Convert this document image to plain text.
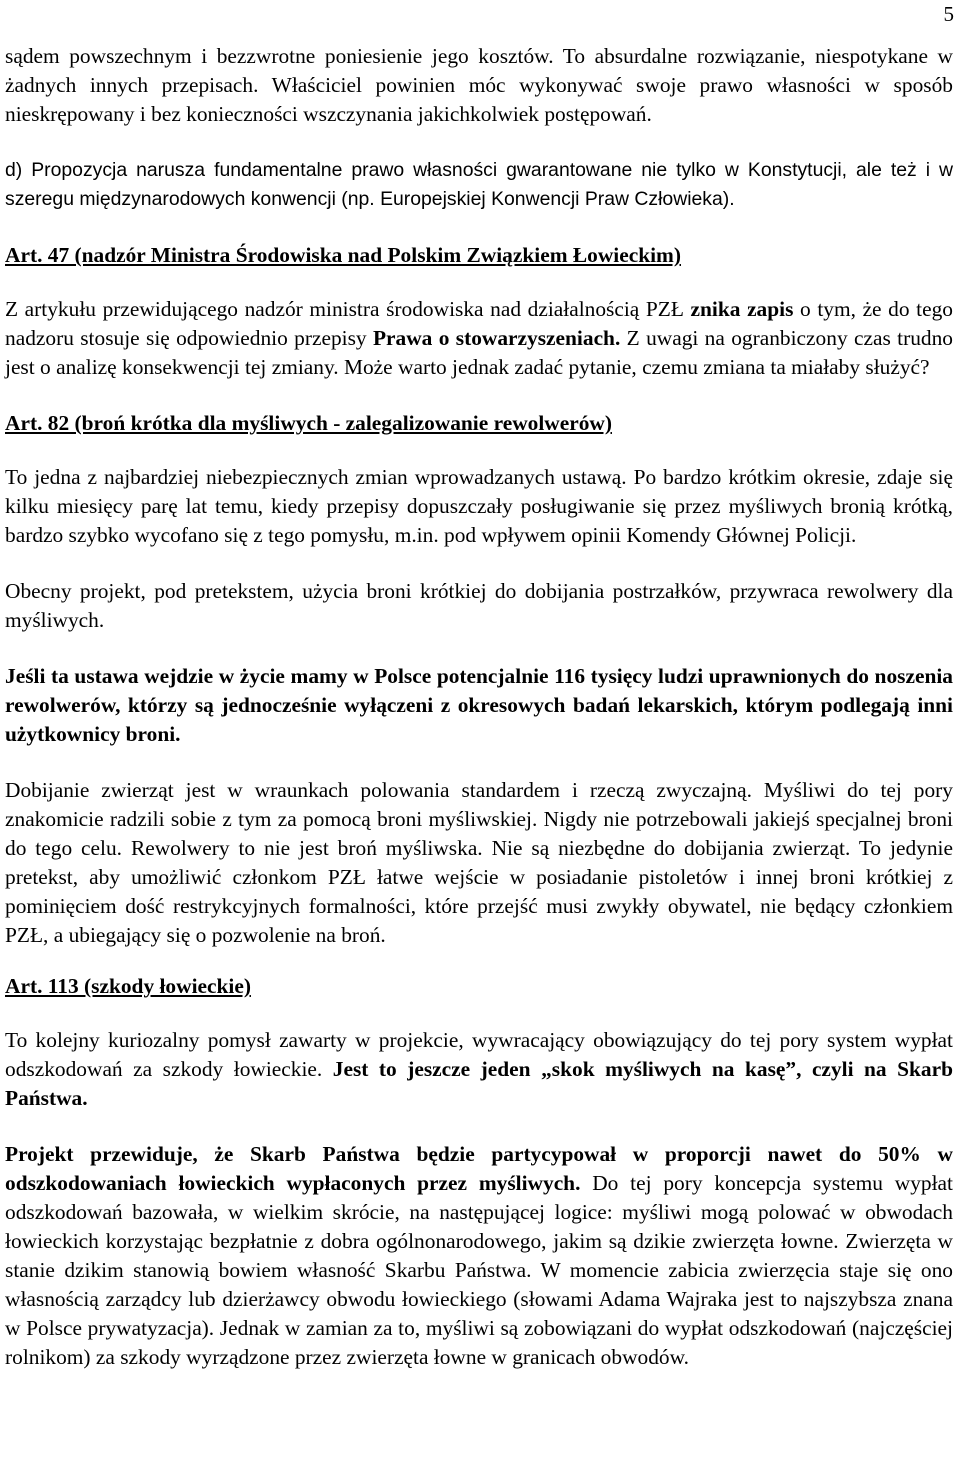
5

sądem powszechnym i bezzwrotne poniesienie jego kosztów. To absurdalne rozwiązanie, niespotykane w żadnych innych przepisach. Właściciel powinien móc wykonywać swoje prawo własności w sposób nieskrępowany i bez konieczności wszczynania jakichkolwiek postępowań.

d) Propozycja narusza fundamentalne prawo własności gwarantowane nie tylko w Konstytucji, ale też i w szeregu międzynarodowych konwencji (np. Europejskiej Konwencji Praw Człowieka).

Art. 47 (nadzór Ministra Środowiska nad Polskim Związkiem Łowieckim)

Z artykułu przewidującego nadzór ministra środowiska nad działalnością PZŁ znika zapis o tym, że do tego nadzoru stosuje się odpowiednio przepisy Prawa o stowarzyszeniach. Z uwagi na ogranbiczony czas trudno jest o analizę konsekwencji tej zmiany. Może warto jednak zadać pytanie, czemu zmiana ta miałaby służyć?

Art. 82 (broń krótka dla myśliwych - zalegalizowanie rewolwerów)

To jedna z najbardziej niebezpiecznych zmian wprowadzanych ustawą. Po bardzo krótkim okresie, zdaje się kilku miesięcy parę lat temu, kiedy przepisy dopuszczały posługiwanie się przez myśliwych bronią krótką, bardzo szybko wycofano się z tego pomysłu, m.in. pod wpływem opinii Komendy Głównej Policji.

Obecny projekt, pod pretekstem, użycia broni krótkiej do dobijania postrzałków, przywraca rewolwery dla myśliwych.

Jeśli ta ustawa wejdzie w życie mamy w Polsce potencjalnie 116 tysięcy ludzi uprawnionych do noszenia rewolwerów, którzy są jednocześnie wyłączeni z okresowych badań lekarskich, którym podlegają inni użytkownicy broni.

Dobijanie zwierząt jest w wraunkach polowania standardem i rzeczą zwyczajną. Myśliwi do tej pory znakomicie radzili sobie z tym za pomocą broni myśliwskiej. Nigdy nie potrzebowali jakiejś specjalnej broni do tego celu. Rewolwery to nie jest broń myśliwska. Nie są niezbędne do dobijania zwierząt. To jedynie pretekst, aby umożliwić członkom PZŁ łatwe wejście w posiadanie pistoletów i innej broni krótkiej z pominięciem dość restrykcyjnych formalności, które przejść musi zwykły obywatel, nie będący członkiem PZŁ, a ubiegający się o pozwolenie na broń.

Art. 113 (szkody łowieckie)

To kolejny kuriozalny pomysł zawarty w projekcie, wywracający obowiązujący do tej pory system wypłat odszkodowań za szkody łowieckie. Jest to jeszcze jeden „skok myśliwych na kasę”, czyli na Skarb Państwa.

Projekt przewiduje, że Skarb Państwa będzie partycypował w proporcji nawet do 50% w odszkodowaniach łowieckich wypłaconych przez myśliwych. Do tej pory koncepcja systemu wypłat odszkodowań bazowała, w wielkim skrócie, na następującej logice: myśliwi mogą polować w obwodach łowieckich korzystając bezpłatnie z dobra ogólnonarodowego, jakim są dzikie zwierzęta łowne. Zwierzęta w stanie dzikim stanowią bowiem własność Skarbu Państwa. W momencie zabicia zwierzęcia staje się ono własnością zarządcy lub dzierżawcy obwodu łowieckiego (słowami Adama Wajraka jest to najszybsza znana w Polsce prywatyzacja). Jednak w zamian za to, myśliwi są zobowiązani do wypłat odszkodowań (najczęściej rolnikom) za szkody wyrządzone przez zwierzęta łowne w granicach obwodów.
